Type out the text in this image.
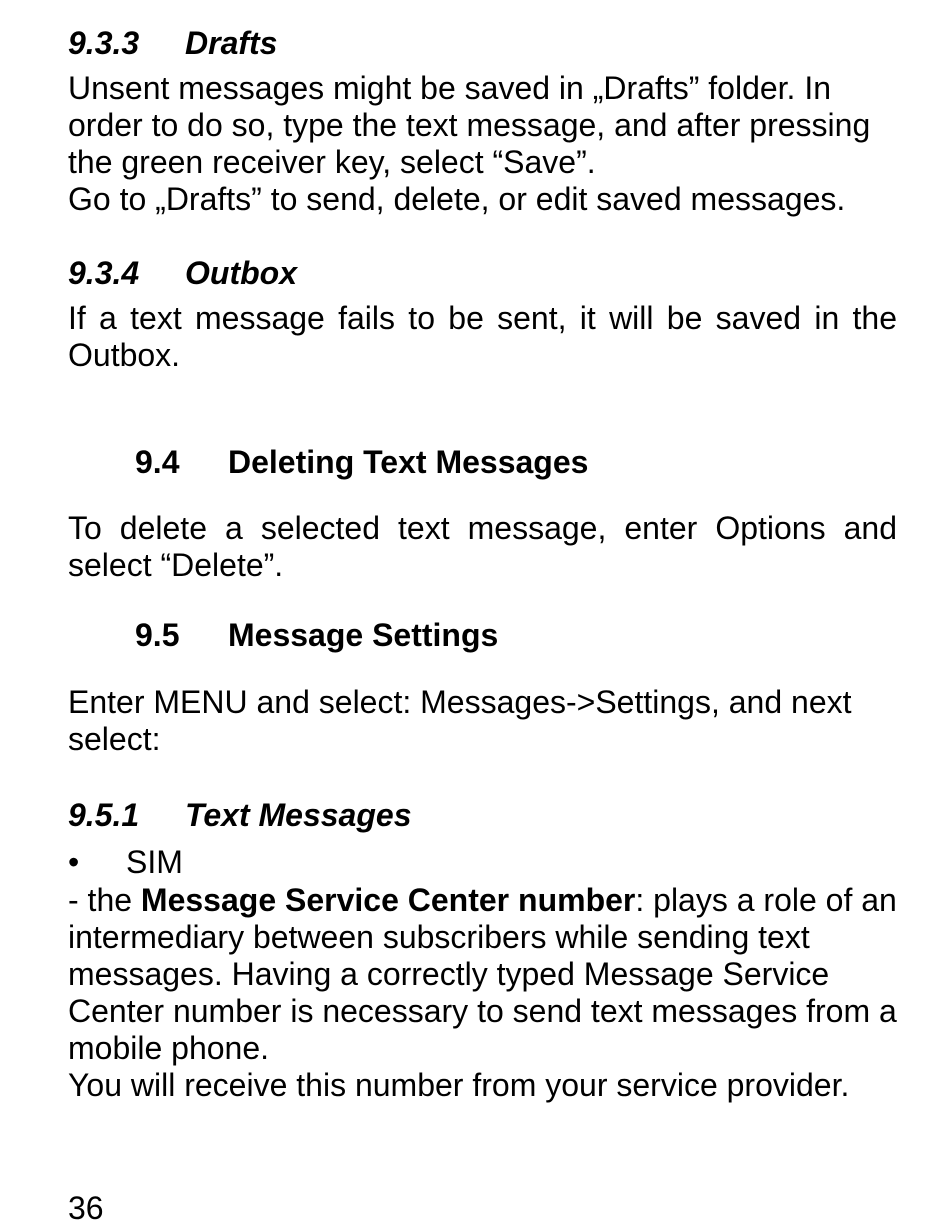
9.3.3 Drafts
Unsent messages might be saved in „Drafts” folder. In
order to do so, type the text message, and after pressing
the green receiver key, select “Save”.
Go to „Drafts” to send, delete, or edit saved messages.
9.3.4 Outbox
If a text message fails to be sent, it will be saved in the
Outbox.
9.4 Deleting Text Messages
To delete a selected text message, enter Options and
select “Delete”.
9.5 Message Settings
Enter MENU and select: Messages->Settings, and next
select:
9.5.1 Text Messages
• SIM
- the Message Service Center number: plays a role of an
intermediary between subscribers while sending text
messages. Having a correctly typed Message Service
Center number is necessary to send text messages from a
mobile phone.
You will receive this number from your service provider.
36
